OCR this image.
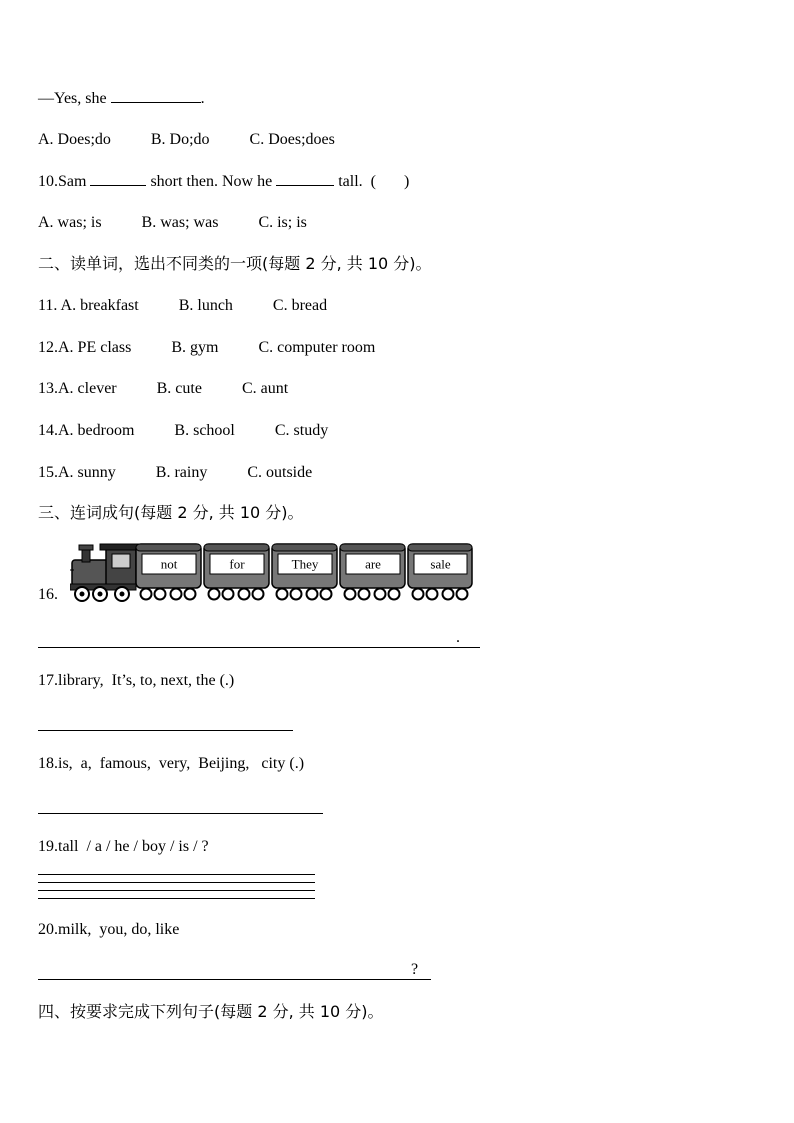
—Yes, she	.
A. Does;do          B. Do;do          C. Does;does
10.Sam	short then. Now he	tall.  (       )
A. was; is          B. was; was          C. is; is
二、读单词，选出不同类的一项(每题 2 分, 共 10 分)。
11. A. breakfast          B. lunch          C. bread
12.A. PE class          B. gym          C. computer room
13.A. clever          B. cute          C. aunt
14.A. bedroom          B. school          C. study
15.A. sunny          B. rainy          C. outside
三、连词成句(每题 2 分, 共 10 分)。
16.
not	for	They	are	sale
.
17.library,  It’s, to, next, the (.)
18.is,  a,  famous,  very,  Beijing,   city (.)
19.tall  / a / he / boy / is / ?
20.milk,  you, do, like
?
四、按要求完成下列句子(每题 2 分, 共 10 分)。
